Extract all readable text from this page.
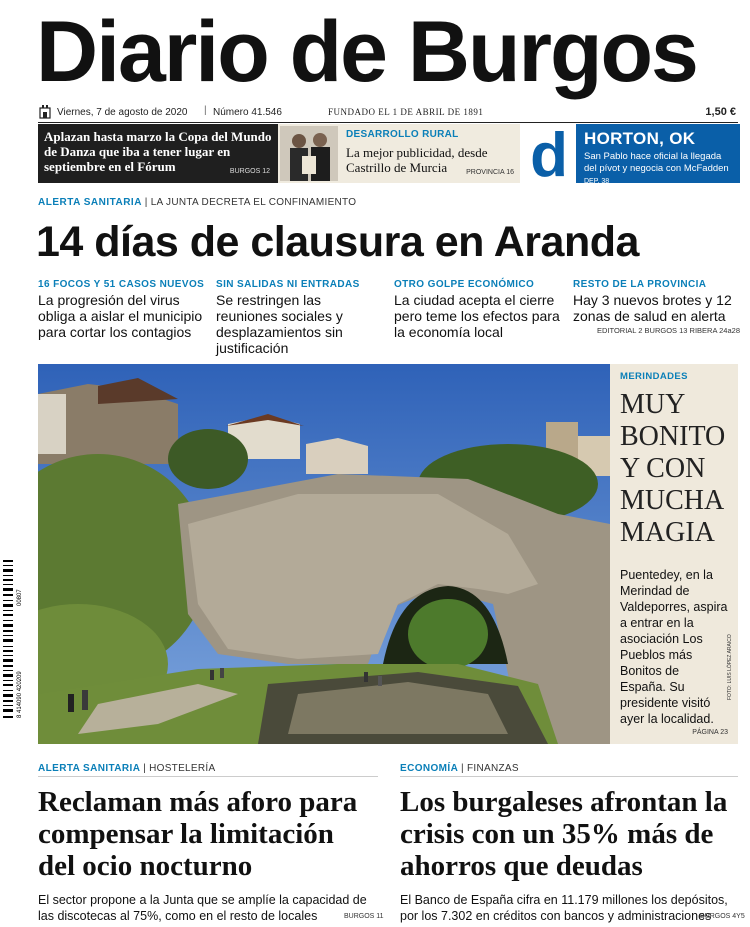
Diario de Burgos
Viernes, 7 de agosto de 2020 | Número 41.546	FUNDADO EL 1 DE ABRIL DE 1891	1,50 €
Aplazan hasta marzo la Copa del Mundo de Danza que iba a tener lugar en septiembre en el Fórum	BURGOS 12
DESARROLLO RURAL
La mejor publicidad, desde Castrillo de Murcia	PROVINCIA 16 d HORTON, OK
San Pablo hace oficial la llegada del pívot y negocia con McFadden DEP. 38
ALERTA SANITARIA | LA JUNTA DECRETA EL CONFINAMIENTO
14 días de clausura en Aranda
16 FOCOS Y 51 CASOS NUEVOS
La progresión del virus obliga a aislar el municipio para cortar los contagios
SIN SALIDAS NI ENTRADAS
Se restringen las reuniones sociales y desplazamientos sin justificación
OTRO GOLPE ECONÓMICO
La ciudad acepta el cierre pero teme los efectos para la economía local
RESTO DE LA PROVINCIA
Hay 3 nuevos brotes y 12 zonas de salud en alerta
EDITORIAL 2 BURGOS 13 RIBERA 24a28
MERINDADES
MUY BONITO Y CON MUCHA MAGIA
Puentedey, en la Merindad de Valdeporres, aspira a entrar en la asociación Los Pueblos más Bonitos de España. Su presidente visitó ayer la localidad.
PÁGINA 23
FOTO: LUIS LÓPEZ ARAICO
8 414090 420209
00807
ALERTA SANITARIA | HOSTELERÍA
Reclaman más aforo para compensar la limitación del ocio nocturno
El sector propone a la Junta que se amplíe la capacidad de las discotecas al 75%, como en el resto de locales	BURGOS 11
ECONOMÍA | FINANZAS
Los burgaleses afrontan la crisis con un 35% más de ahorros que deudas
El Banco de España cifra en 11.179 millones los depósitos, por los 7.302 en créditos con bancos y administraciones
BURGOS 4Y5
